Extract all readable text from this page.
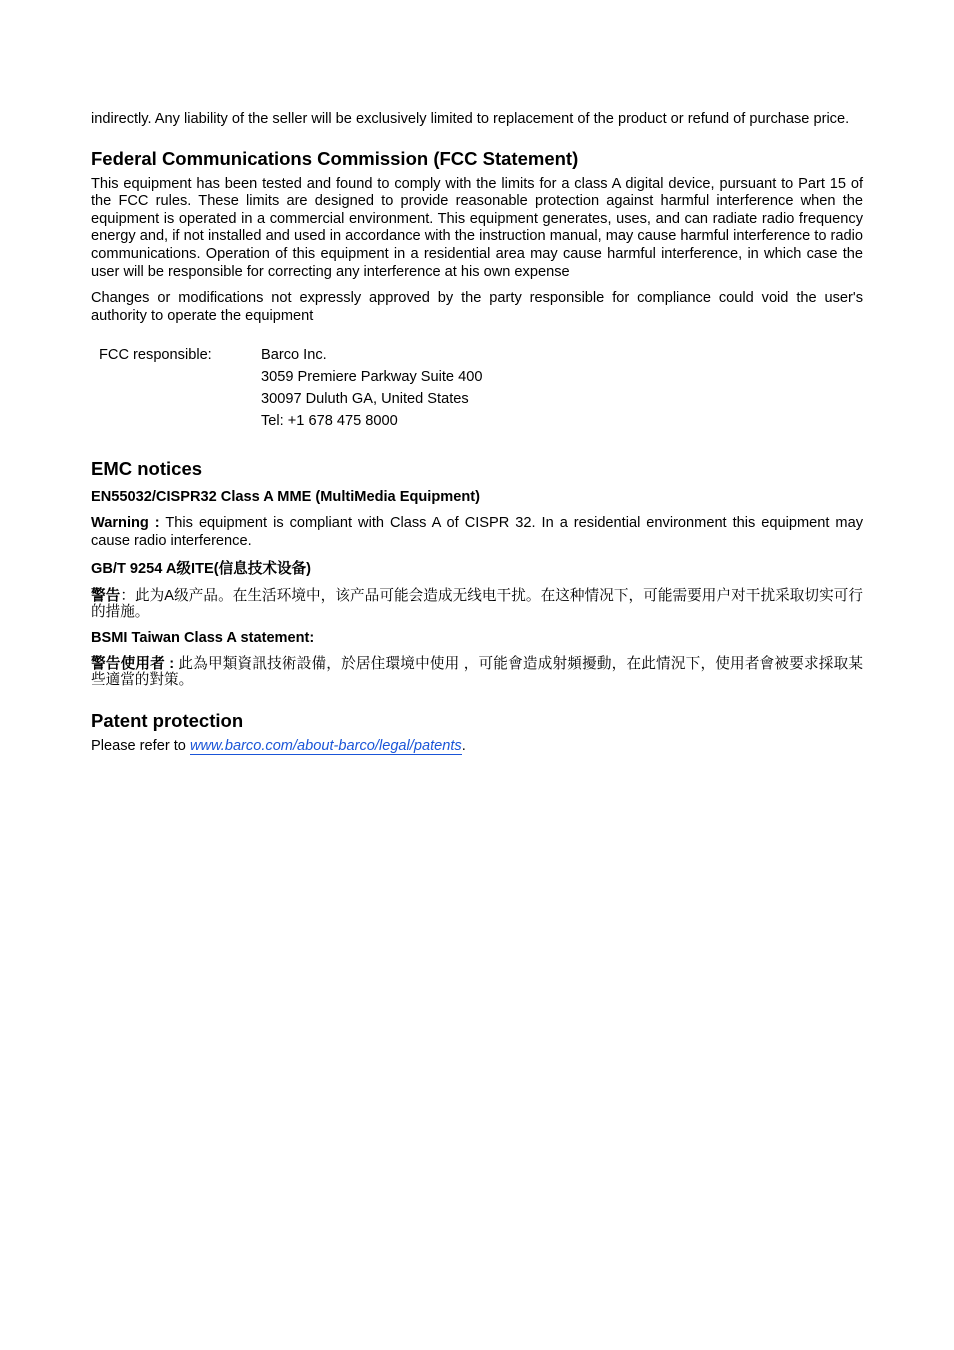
indirectly. Any liability of the seller will be exclusively limited to replacement of the product or refund of purchase price.

Federal Communications Commission (FCC Statement)

This equipment has been tested and found to comply with the limits for a class A digital device, pursuant to Part 15 of the FCC rules. These limits are designed to provide reasonable protection against harmful interference when the equipment is operated in a commercial environment. This equipment generates, uses, and can radiate radio frequency energy and, if not installed and used in accordance with the instruction manual, may cause harmful interference to radio communications. Operation of this equipment in a residential area may cause harmful interference, in which case the user will be responsible for correcting any interference at his own expense

Changes or modifications not expressly approved by the party responsible for compliance could void the user's authority to operate the equipment

FCC responsible:	Barco Inc.
	3059 Premiere Parkway Suite 400
	30097 Duluth GA, United States
	Tel: +1 678 475 8000
EMC notices
EN55032/CISPR32 Class A MME (MultiMedia Equipment)

Warning : This equipment is compliant with Class A of CISPR 32. In a residential environment this equipment may cause radio interference.

GB/T 9254 A级ITE(信息技术设备)

警告：此为A级产品。在生活环境中，该产品可能会造成无线电干扰。在这种情况下，可能需要用户对干扰采取切实可行的措施。

BSMI Taiwan Class A statement:

警告使用者 : 此為甲類資訊技術設備，於居住環境中使用 ，可能會造成射頻擾動，在此情況下，使用者會被要求採取某些適當的對策。

Patent protection

Please refer to www.barco.com/about-barco/legal/patents.
